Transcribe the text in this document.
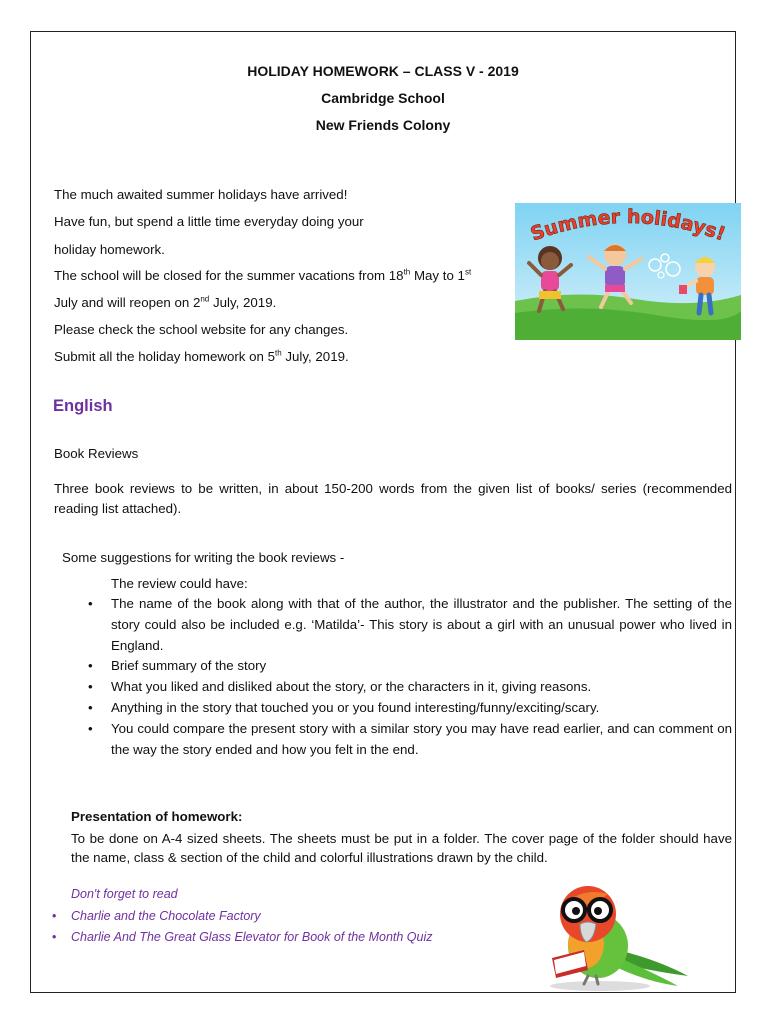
HOLIDAY HOMEWORK – CLASS V - 2019
Cambridge School
New Friends Colony
The much awaited summer holidays have arrived!
Have fun, but spend a little time everyday doing your
holiday homework.
The school will be closed for the summer vacations from 18th May to 1st
July and will reopen on 2nd July, 2019.
Please check the school website for any changes.
Submit all the holiday homework on 5th July, 2019.
Summer holidays!
English
Book Reviews
Three book reviews to be written, in about 150-200 words from the given list of books/ series (recommended reading list attached).
Some suggestions for writing the book reviews -
The review could have:
• The name of the book along with that of the author, the illustrator and the publisher. The setting of the story could also be included e.g. ‘Matilda’- This story is about a girl with an unusual power who lived in England.
• Brief summary of the story
• What you liked and disliked about the story, or the characters in it, giving reasons.
• Anything in the story that touched you or you found interesting/funny/exciting/scary.
• You could compare the present story with a similar story you may have read earlier, and can comment on the way the story ended and how you felt in the end.
Presentation of homework:
To be done on A-4 sized sheets. The sheets must be put in a folder. The cover page of the folder should have the name, class & section of the child and colorful illustrations drawn by the child.
Don't forget to read
• Charlie and the Chocolate Factory
• Charlie And The Great Glass Elevator for Book of the Month Quiz
